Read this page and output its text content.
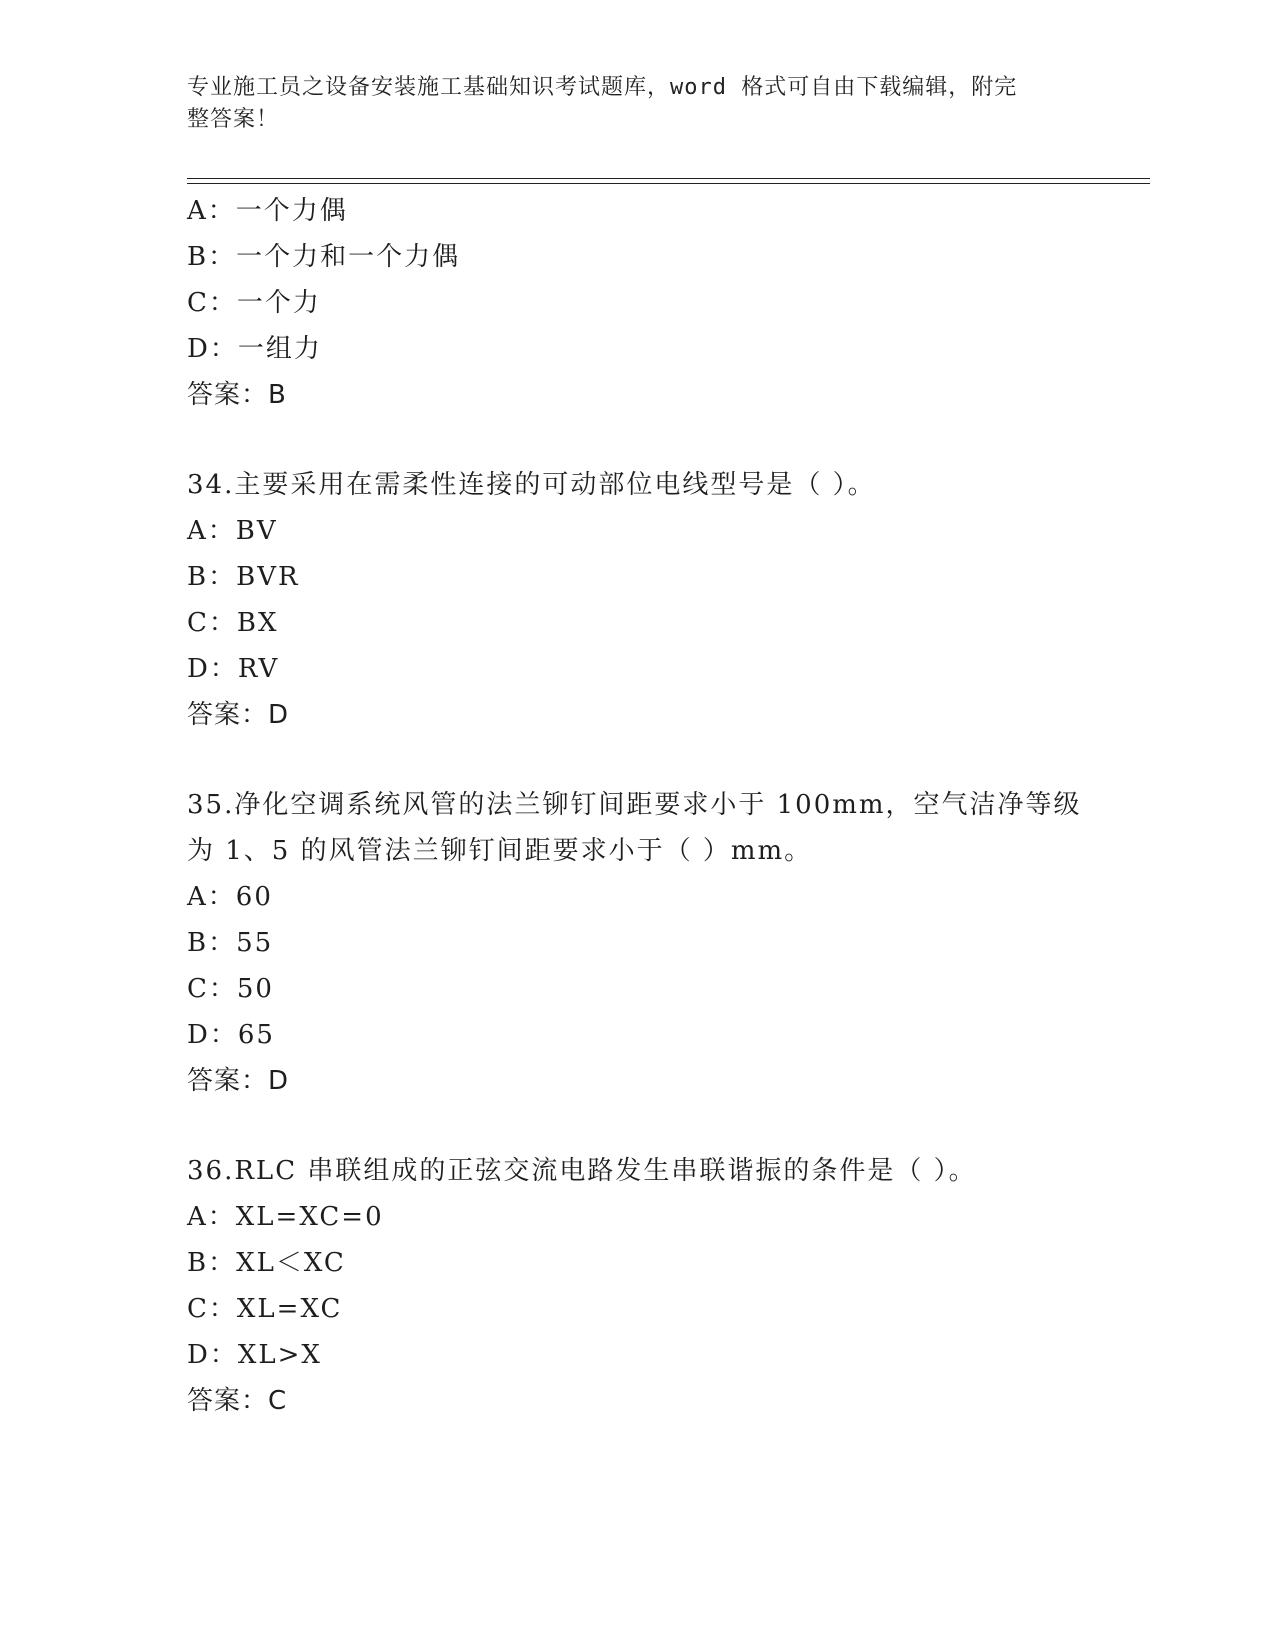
专业施工员之设备安装施工基础知识考试题库，word 格式可自由下载编辑，附完
整答案！
A：一个力偶
B：一个力和一个力偶
C：一个力
D：一组力
答案：B
34.主要采用在需柔性连接的可动部位电线型号是（ ）。
A：BV
B：BVR
C：BX
D：RV
答案：D
35.净化空调系统风管的法兰铆钉间距要求小于 100mm，空气洁净等级
为 1、5 的风管法兰铆钉间距要求小于（ ）mm。
A：60
B：55
C：50
D：65
答案：D
36.RLC 串联组成的正弦交流电路发生串联谐振的条件是（ ）。
A：XL=XC=0
B：XL＜XC
C：XL=XC
D：XL>X
答案：C
